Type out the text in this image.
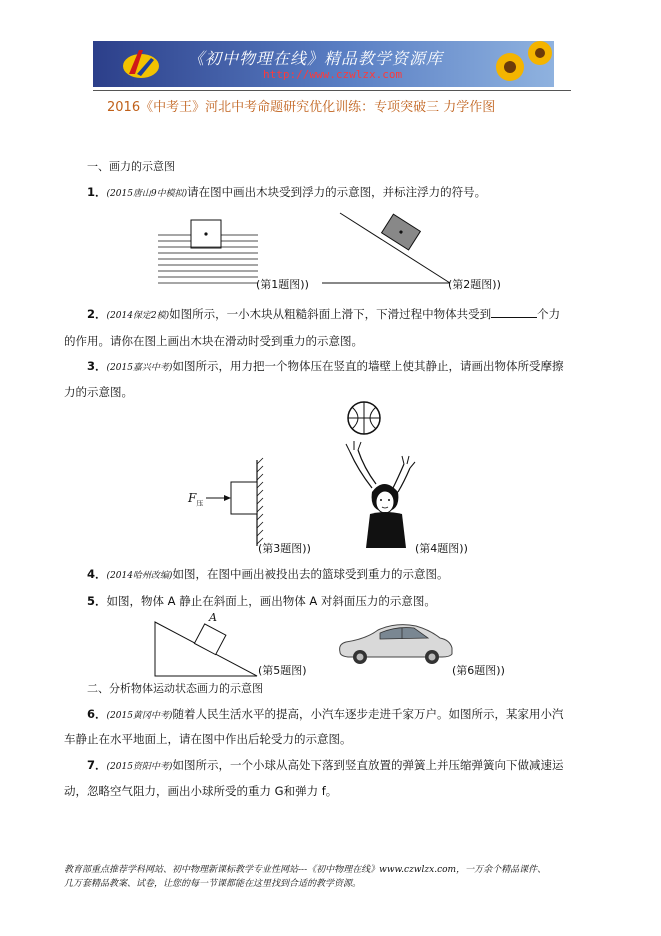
《初中物理在线》精品教学资源库
http://www.czwlzx.com
2016《中考王》河北中考命题研究优化训练：专项突破三 力学作图
一、画力的示意图
1．(2015唐山9中模拟)请在图中画出木块受到浮力的示意图，并标注浮力的符号。
(第1题图))	(第2题图))
2．(2014保定2模)如图所示，一小木块从粗糙斜面上滑下，下滑过程中物体共受到	个力
的作用。请你在图上画出木块在滑动时受到重力的示意图。
3．(2015嘉兴中考)如图所示，用力把一个物体压在竖直的墙壁上使其静止，请画出物体所受摩擦
力的示意图。
$F_压$
(第3题图))	(第4题图))
4．(2014哈州改编)如图，在图中画出被投出去的篮球受到重力的示意图。
5．如图，物体 A 静止在斜面上，画出物体 A 对斜面压力的示意图。
A
(第5题图)	(第6题图))
二、分析物体运动状态画力的示意图
6．(2015黄冈中考)随着人民生活水平的提高，小汽车逐步走进千家万户。如图所示，某家用小汽
车静止在水平地面上，请在图中作出后轮受力的示意图。
7．(2015资阳中考)如图所示，一个小球从高处下落到竖直放置的弹簧上并压缩弹簧向下做减速运
动，忽略空气阻力，画出小球所受的重力 G和弹力 f。
教育部重点推荐学科网站、初中物理新课标教学专业性网站---《初中物理在线》www.czwlzx.com，一万余个精品课件、
几万套精品教案、试卷，让您的每一节课都能在这里找到合适的教学资源。
